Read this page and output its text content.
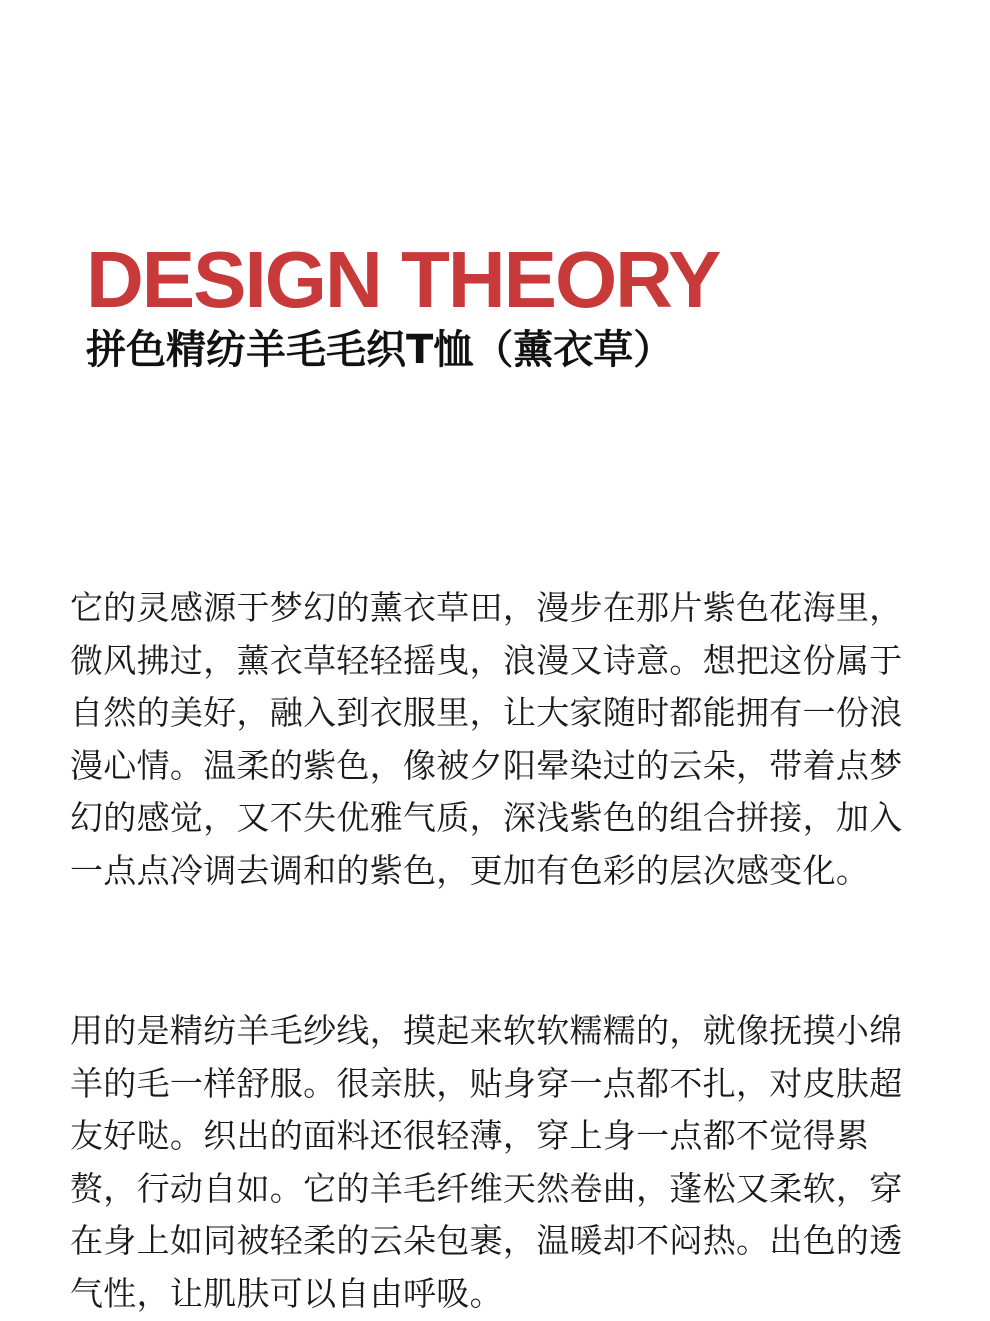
DESIGN THEORY
拼色精纺羊毛毛织T恤（薰衣草）

它的灵感源于梦幻的薰衣草田，漫步在那片紫色花海里，微风拂过，薰衣草轻轻摇曳，浪漫又诗意。想把这份属于自然的美好，融入到衣服里，让大家随时都能拥有一份浪漫心情。温柔的紫色，像被夕阳晕染过的云朵，带着点梦幻的感觉，又不失优雅气质，深浅紫色的组合拼接，加入一点点冷调去调和的紫色，更加有色彩的层次感变化。

用的是精纺羊毛纱线，摸起来软软糯糯的，就像抚摸小绵羊的毛一样舒服。很亲肤，贴身穿一点都不扎，对皮肤超友好哒。织出的面料还很轻薄，穿上身一点都不觉得累赘，行动自如。它的羊毛纤维天然卷曲，蓬松又柔软，穿在身上如同被轻柔的云朵包裹，温暖却不闷热。出色的透气性，让肌肤可以自由呼吸。
